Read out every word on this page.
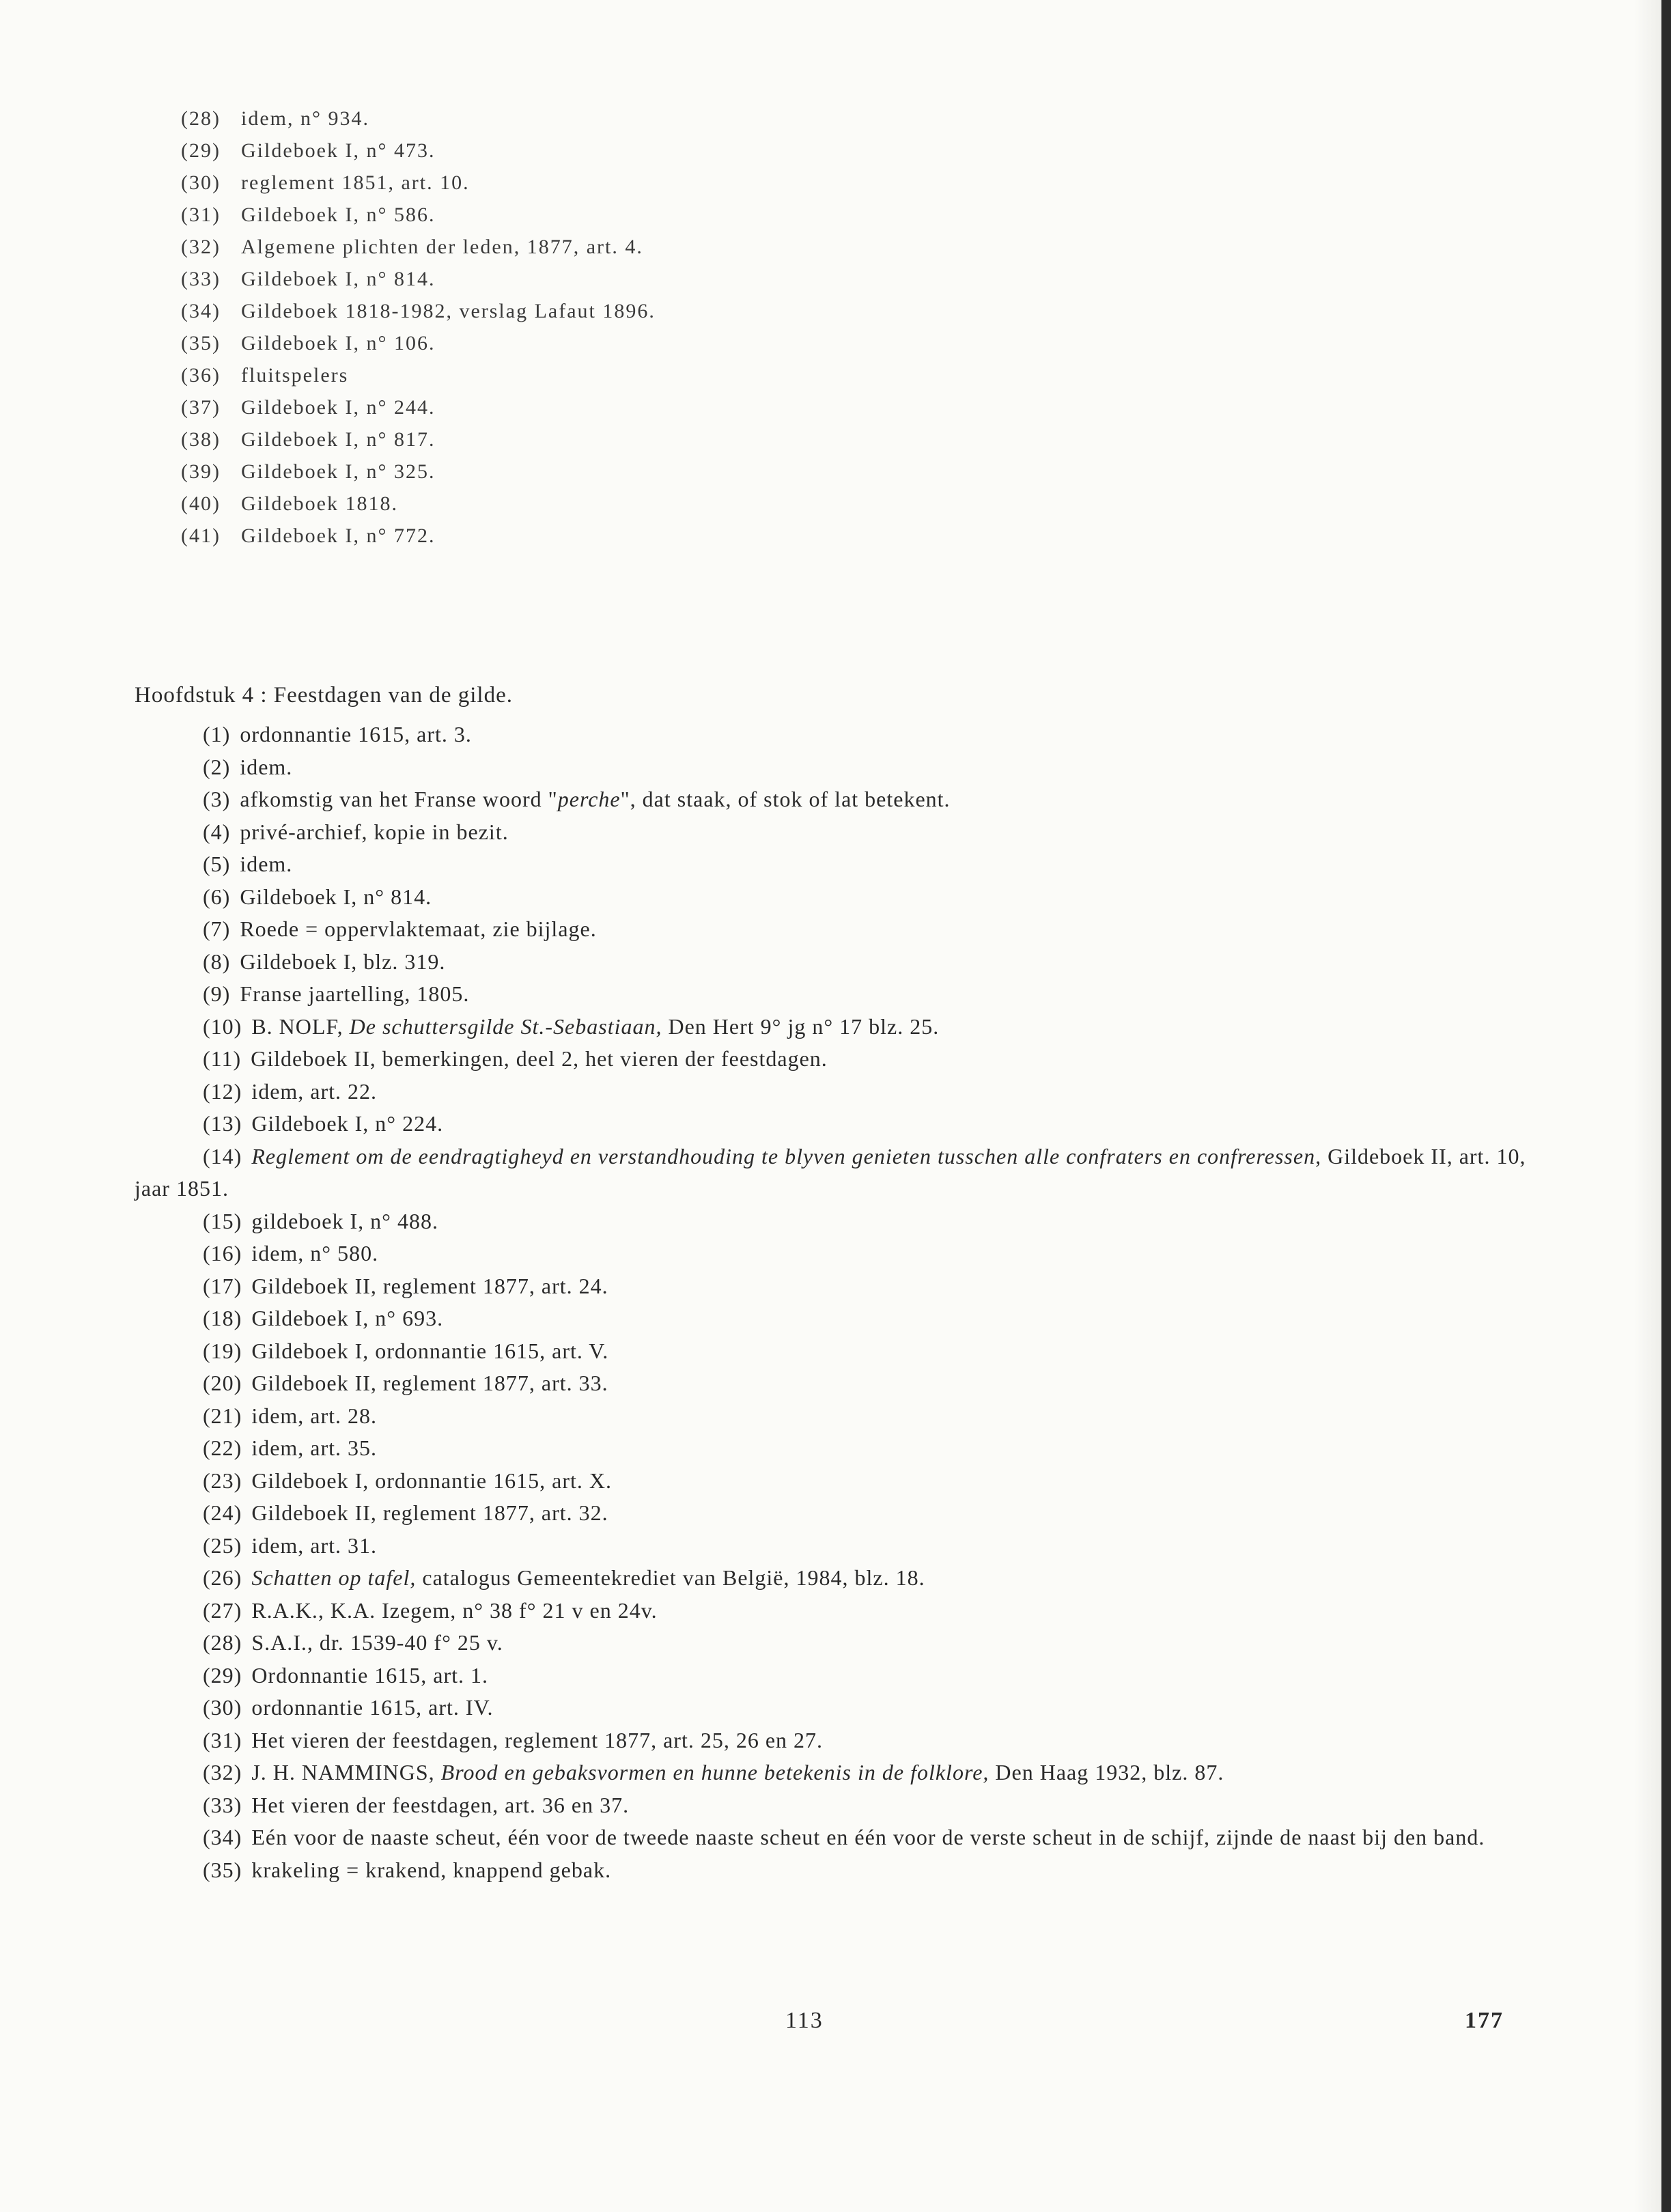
(28) idem, n° 934.
(29) Gildeboek I, n° 473.
(30) reglement 1851, art. 10.
(31) Gildeboek I, n° 586.
(32) Algemene plichten der leden, 1877, art. 4.
(33) Gildeboek I, n° 814.
(34) Gildeboek 1818-1982, verslag Lafaut 1896.
(35) Gildeboek I, n° 106.
(36) fluitspelers
(37) Gildeboek I, n° 244.
(38) Gildeboek I, n° 817.
(39) Gildeboek I, n° 325.
(40) Gildeboek 1818.
(41) Gildeboek I, n° 772.
Hoofdstuk 4 : Feestdagen van de gilde.
(1) ordonnantie 1615, art. 3.
(2) idem.
(3) afkomstig van het Franse woord "perche", dat staak, of stok of lat betekent.
(4) privé-archief, kopie in bezit.
(5) idem.
(6) Gildeboek I, n° 814.
(7) Roede = oppervlaktemaat, zie bijlage.
(8) Gildeboek I, blz. 319.
(9) Franse jaartelling, 1805.
(10) B. NOLF, De schuttersgilde St.-Sebastiaan, Den Hert 9° jg n° 17 blz. 25.
(11) Gildeboek II, bemerkingen, deel 2, het vieren der feestdagen.
(12) idem, art. 22.
(13) Gildeboek I, n° 224.
(14) Reglement om de eendragtigheyd en verstandhouding te blyven genieten tusschen alle confraters en confreressen, Gildeboek II, art. 10, jaar 1851.
(15) gildeboek I, n° 488.
(16) idem, n° 580.
(17) Gildeboek II, reglement 1877, art. 24.
(18) Gildeboek I, n° 693.
(19) Gildeboek I, ordonnantie 1615, art. V.
(20) Gildeboek II, reglement 1877, art. 33.
(21) idem, art. 28.
(22) idem, art. 35.
(23) Gildeboek I, ordonnantie 1615, art. X.
(24) Gildeboek II, reglement 1877, art. 32.
(25) idem, art. 31.
(26) Schatten op tafel, catalogus Gemeentekrediet van België, 1984, blz. 18.
(27) R.A.K., K.A. Izegem, n° 38 f° 21 v en 24v.
(28) S.A.I., dr. 1539-40 f° 25 v.
(29) Ordonnantie 1615, art. 1.
(30) ordonnantie 1615, art. IV.
(31) Het vieren der feestdagen, reglement 1877, art. 25, 26 en 27.
(32) J. H. NAMMINGS, Brood en gebaksvormen en hunne betekenis in de folklore, Den Haag 1932, blz. 87.
(33) Het vieren der feestdagen, art. 36 en 37.
(34) Eén voor de naaste scheut, één voor de tweede naaste scheut en één voor de verste scheut in de schijf, zijnde de naast bij den band.
(35) krakeling = krakend, knappend gebak.
113	177
